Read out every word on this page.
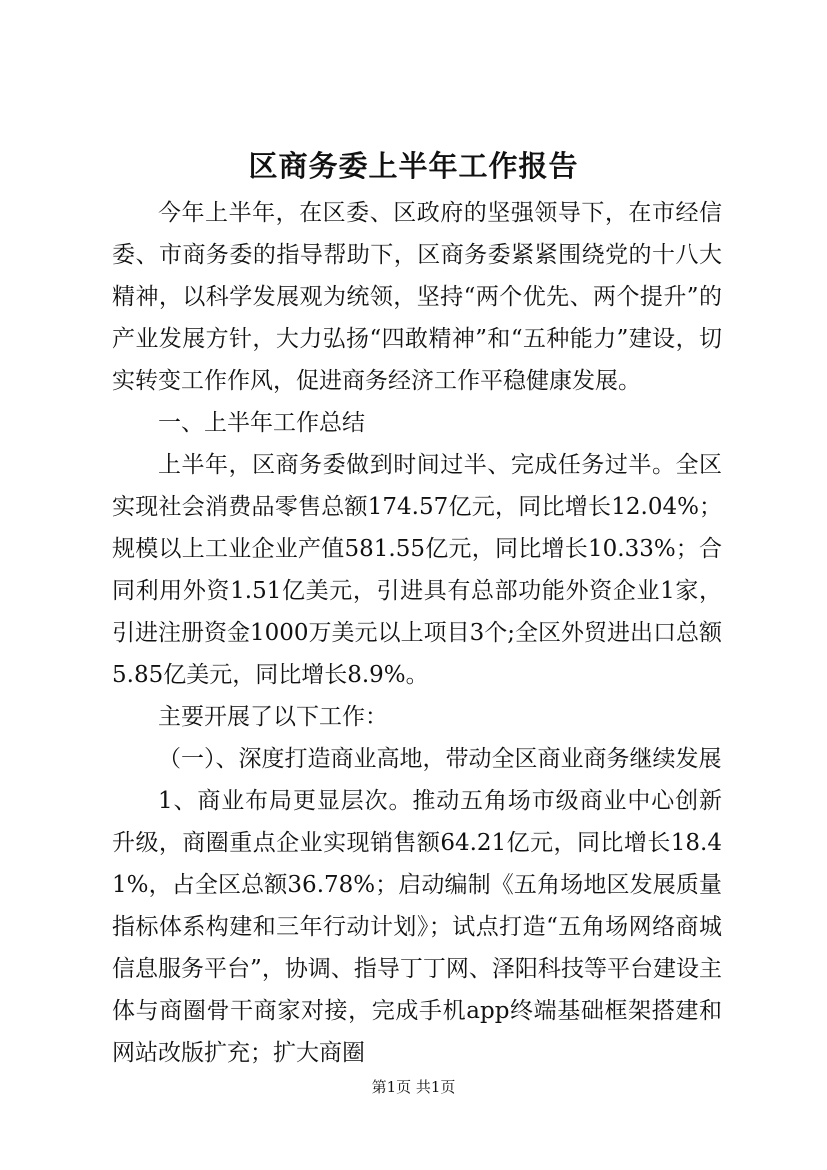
区商务委上半年工作报告

今年上半年，在区委、区政府的坚强领导下，在市经信委、市商务委的指导帮助下，区商务委紧紧围绕党的十八大精神，以科学发展观为统领，坚持“两个优先、两个提升”的产业发展方针，大力弘扬“四敢精神”和“五种能力”建设，切实转变工作作风，促进商务经济工作平稳健康发展。

一、上半年工作总结

上半年，区商务委做到时间过半、完成任务过半。全区实现社会消费品零售总额174.57亿元，同比增长12.04%；规模以上工业企业产值581.55亿元，同比增长10.33%；合同利用外资1.51亿美元，引进具有总部功能外资企业1家，引进注册资金1000万美元以上项目3个;全区外贸进出口总额5.85亿美元，同比增长8.9%。

主要开展了以下工作：

（一）、深度打造商业高地，带动全区商业商务继续发展

1、商业布局更显层次。推动五角场市级商业中心创新升级，商圈重点企业实现销售额64.21亿元，同比增长18.41%，占全区总额36.78%；启动编制《五角场地区发展质量指标体系构建和三年行动计划》；试点打造“五角场网络商城信息服务平台”，协调、指导丁丁网、泽阳科技等平台建设主体与商圈骨干商家对接，完成手机app终端基础框架搭建和网站改版扩充；扩大商圈

第1页 共1页
